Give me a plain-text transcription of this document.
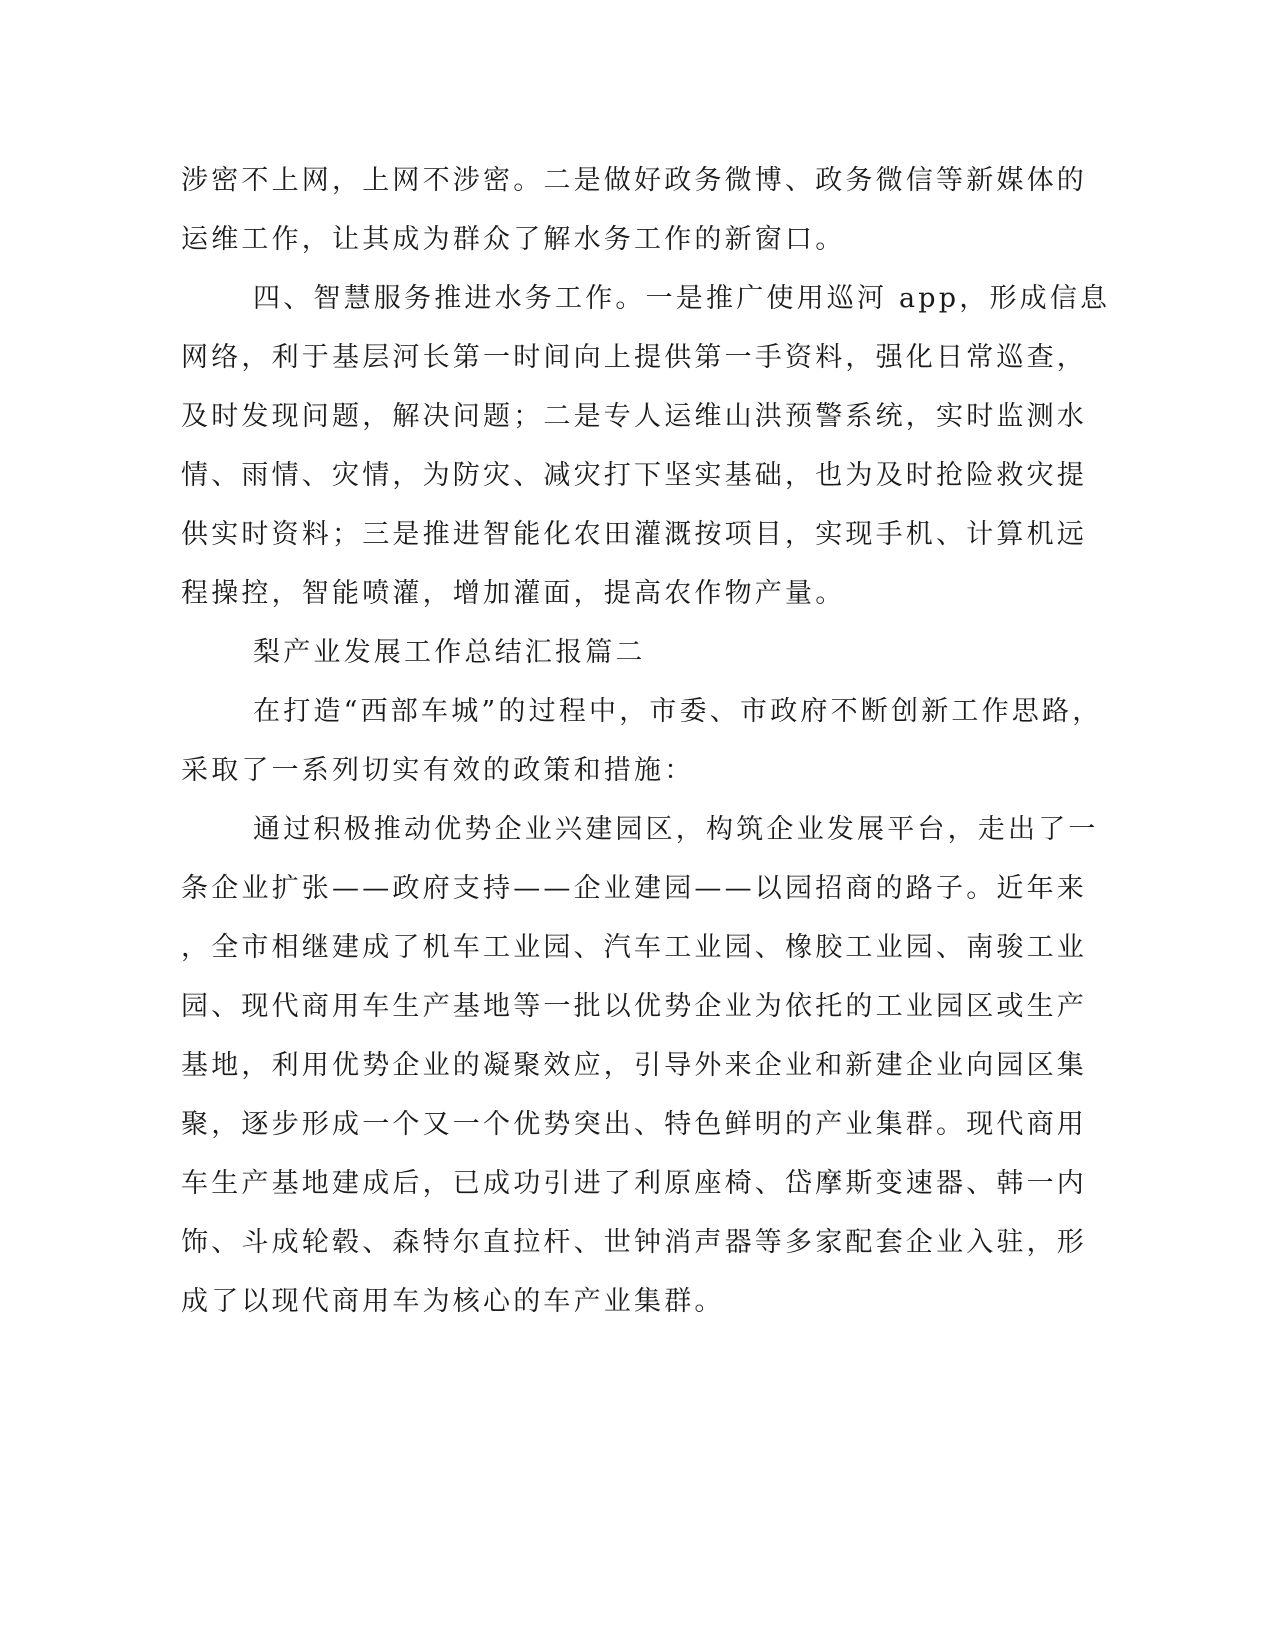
涉密不上网，上网不涉密。二是做好政务微博、政务微信等新媒体的
运维工作，让其成为群众了解水务工作的新窗口。
四、智慧服务推进水务工作。一是推广使用巡河 app，形成信息
网络，利于基层河长第一时间向上提供第一手资料，强化日常巡查，
及时发现问题，解决问题；二是专人运维山洪预警系统，实时监测水
情、雨情、灾情，为防灾、减灾打下坚实基础，也为及时抢险救灾提
供实时资料；三是推进智能化农田灌溉按项目，实现手机、计算机远
程操控，智能喷灌，增加灌面，提高农作物产量。
梨产业发展工作总结汇报篇二
在打造“西部车城”的过程中，市委、市政府不断创新工作思路，
采取了一系列切实有效的政策和措施：
通过积极推动优势企业兴建园区，构筑企业发展平台，走出了一
条企业扩张——政府支持——企业建园——以园招商的路子。近年来
，全市相继建成了机车工业园、汽车工业园、橡胶工业园、南骏工业
园、现代商用车生产基地等一批以优势企业为依托的工业园区或生产
基地，利用优势企业的凝聚效应，引导外来企业和新建企业向园区集
聚，逐步形成一个又一个优势突出、特色鲜明的产业集群。现代商用
车生产基地建成后，已成功引进了利原座椅、岱摩斯变速器、韩一内
饰、斗成轮毂、森特尔直拉杆、世钟消声器等多家配套企业入驻，形
成了以现代商用车为核心的车产业集群。
